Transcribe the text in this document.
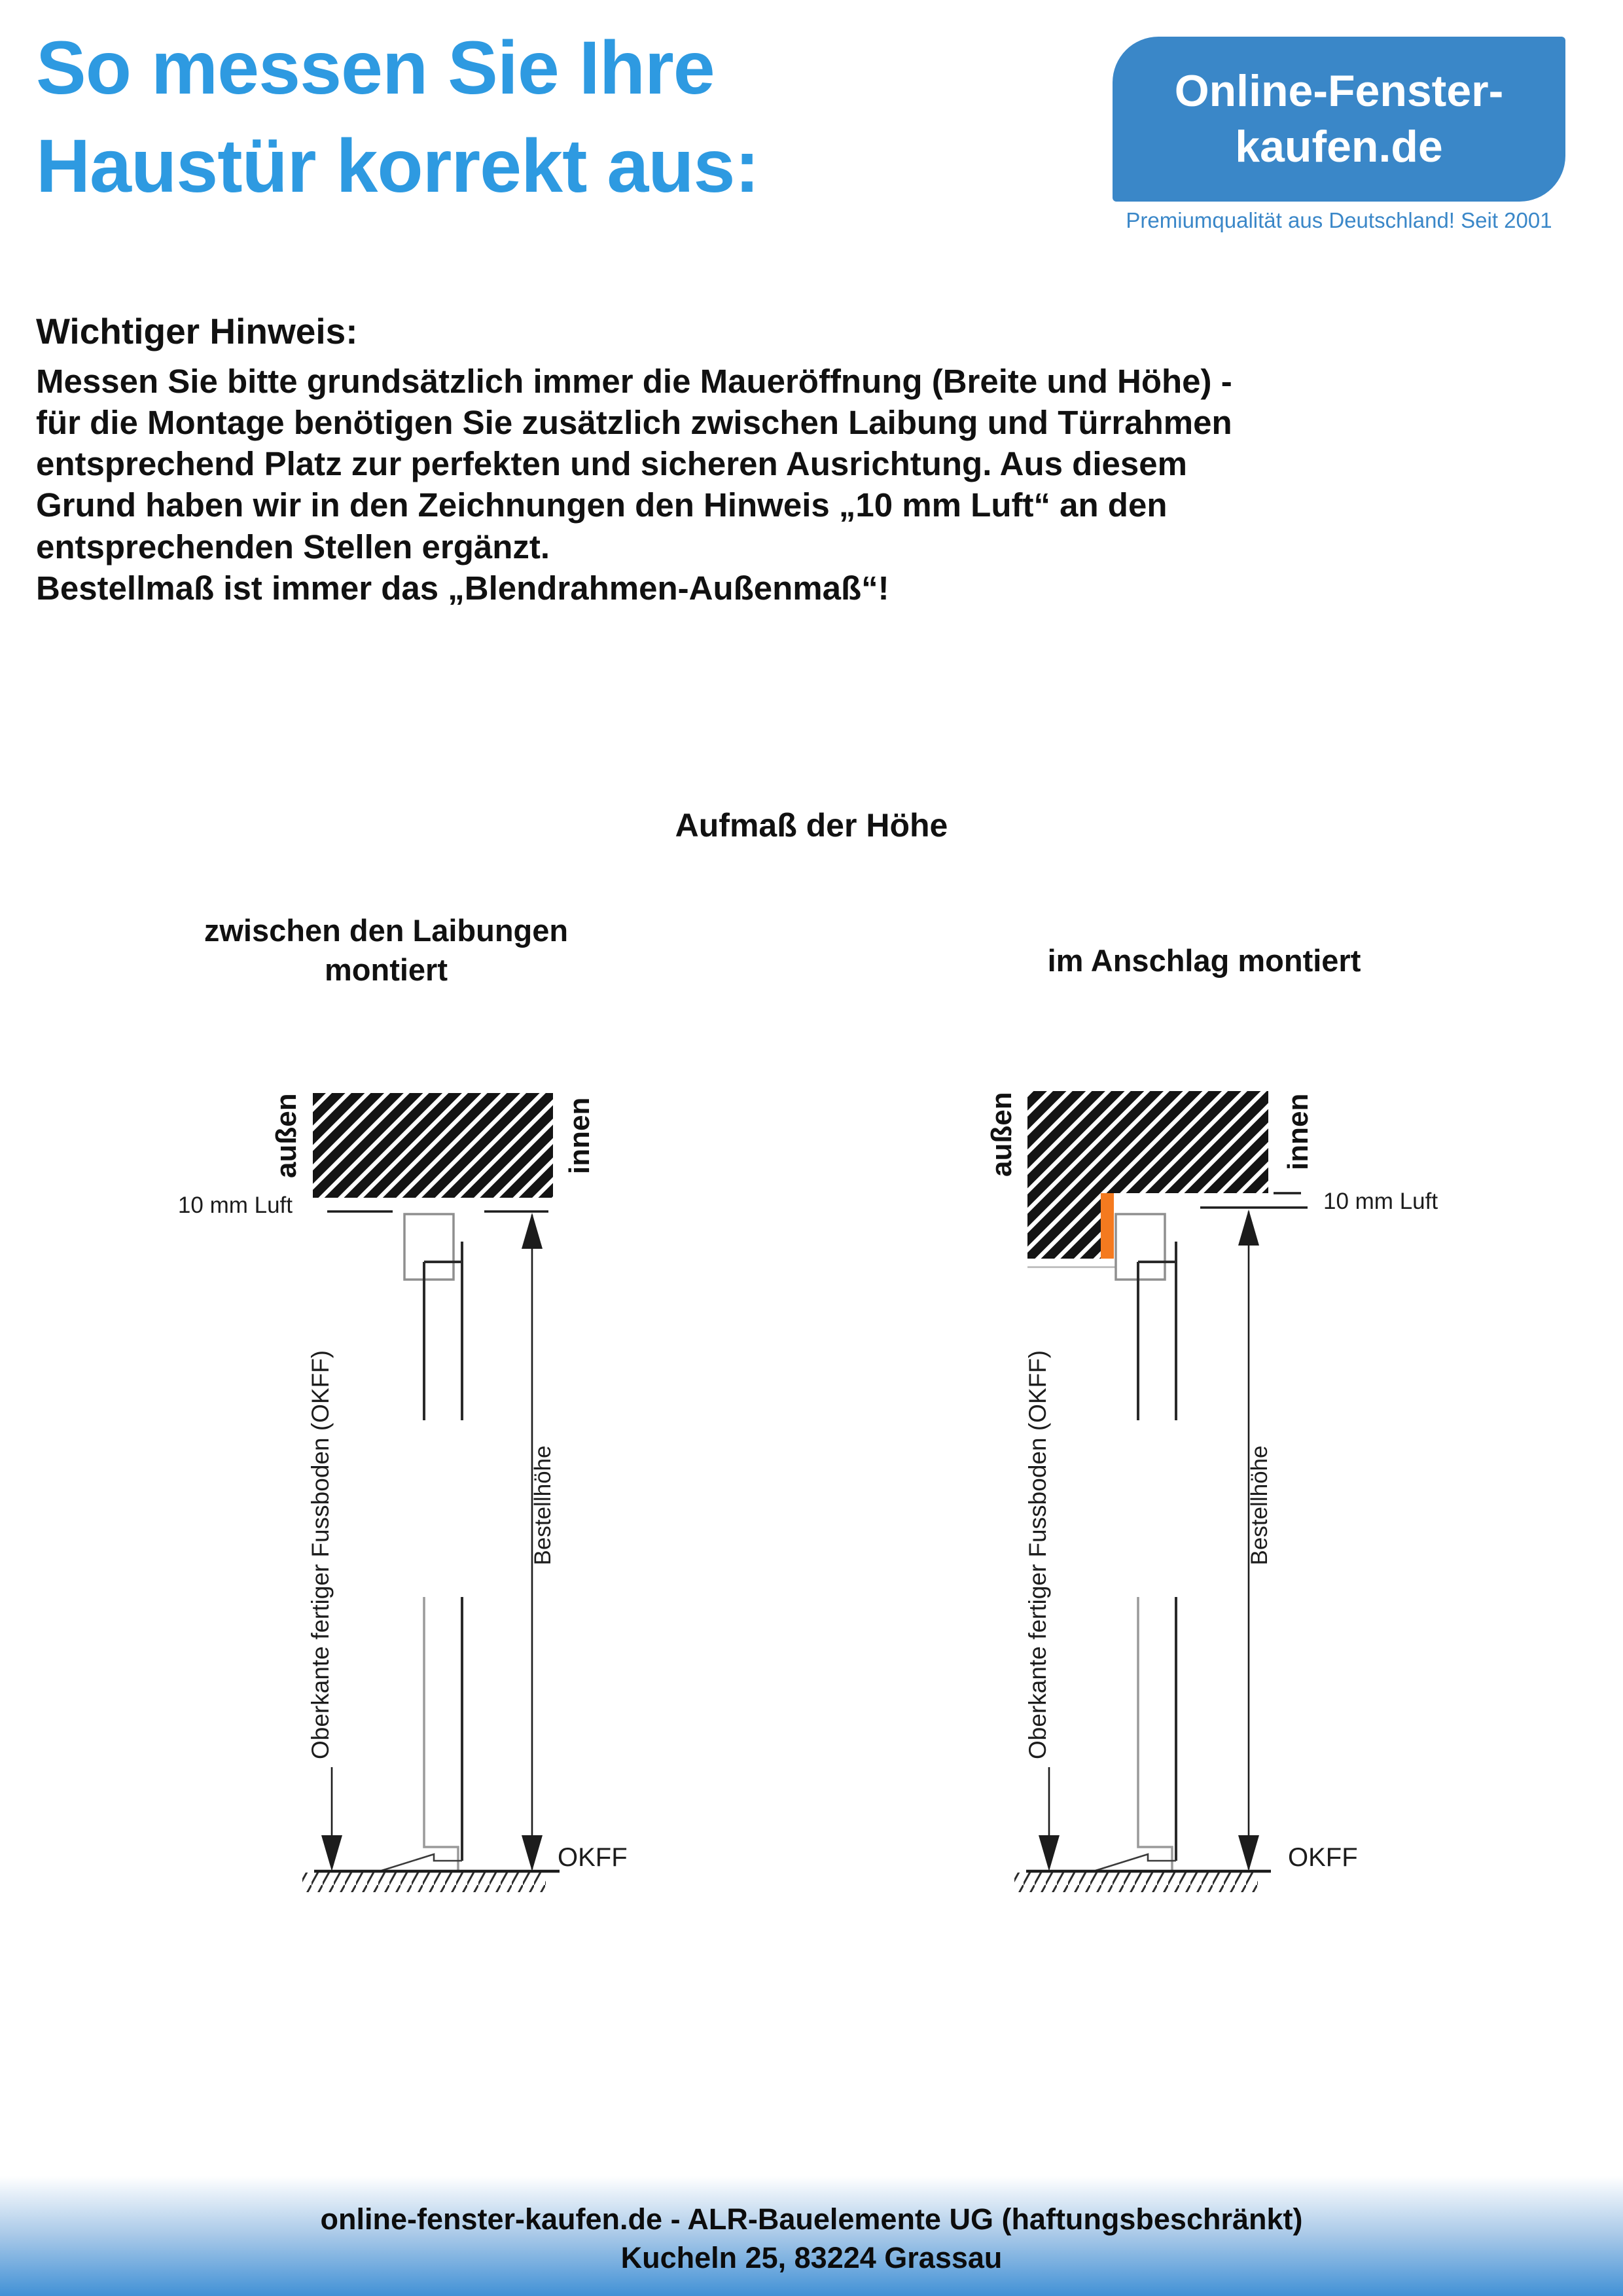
So messen Sie Ihre
Haustür korrekt aus:
Online-Fenster-
kaufen.de
Premiumqualität aus Deutschland! Seit 2001
Wichtiger Hinweis:
Messen Sie bitte grundsätzlich immer die Maueröffnung (Breite und Höhe) -
für die Montage benötigen Sie zusätzlich zwischen Laibung und Türrahmen
entsprechend Platz zur perfekten und sicheren Ausrichtung. Aus diesem
Grund haben wir in den Zeichnungen den Hinweis „10 mm Luft“ an den
entsprechenden Stellen ergänzt.
Bestellmaß ist immer das „Blendrahmen-Außenmaß“!
Aufmaß der Höhe
zwischen den Laibungen
montiert	im Anschlag montiert
außen	innen
10 mm Luft
Bestellhöhe
Oberkante fertiger Fussboden (OKFF)
OKFF
außen	innen
10 mm Luft
Bestellhöhe
Oberkante fertiger Fussboden (OKFF)
OKFF
online-fenster-kaufen.de - ALR-Bauelemente UG (haftungsbeschränkt)
Kucheln 25, 83224 Grassau
